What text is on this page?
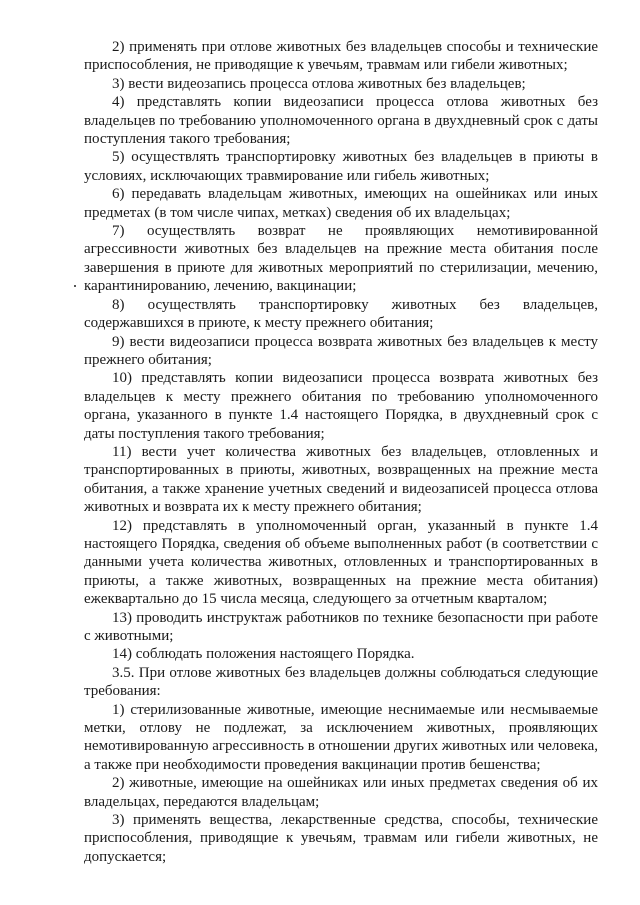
2) применять при отлове животных без владельцев способы и технические приспособления, не приводящие к увечьям, травмам или гибели животных;

3) вести видеозапись процесса отлова животных без владельцев;

4) представлять копии видеозаписи процесса отлова животных без владельцев по требованию уполномоченного органа в двухдневный срок с даты поступления такого требования;

5) осуществлять транспортировку животных без владельцев в приюты в условиях, исключающих травмирование или гибель животных;

6) передавать владельцам животных, имеющих на ошейниках или иных предметах (в том числе чипах, метках) сведения об их владельцах;

7) осуществлять возврат не проявляющих немотивированной агрессивности животных без владельцев на прежние места обитания после завершения в приюте для животных мероприятий по стерилизации, мечению, карантинированию, лечению, вакцинации;

8) осуществлять транспортировку животных без владельцев, содержавшихся в приюте, к месту прежнего обитания;

9) вести видеозаписи процесса возврата животных без владельцев к месту прежнего обитания;

10) представлять копии видеозаписи процесса возврата животных без владельцев к месту прежнего обитания по требованию уполномоченного органа, указанного в пункте 1.4 настоящего Порядка, в двухдневный срок с даты поступления такого требования;

11) вести учет количества животных без владельцев, отловленных и транспортированных в приюты, животных, возвращенных на прежние места обитания, а также хранение учетных сведений и видеозаписей процесса отлова животных и возврата их к месту прежнего обитания;

12) представлять в уполномоченный орган, указанный в пункте 1.4 настоящего Порядка, сведения об объеме выполненных работ (в соответствии с данными учета количества животных, отловленных и транспортированных в приюты, а также животных, возвращенных на прежние места обитания) ежеквартально до 15 числа месяца, следующего за отчетным кварталом;

13) проводить инструктаж работников по технике безопасности при работе с животными;

14) соблюдать положения настоящего Порядка.

3.5. При отлове животных без владельцев должны соблюдаться следующие требования:

1) стерилизованные животные, имеющие неснимаемые или несмываемые метки, отлову не подлежат, за исключением животных, проявляющих немотивированную агрессивность в отношении других животных или человека, а также при необходимости проведения вакцинации против бешенства;

2) животные, имеющие на ошейниках или иных предметах сведения об их владельцах, передаются владельцам;

3) применять вещества, лекарственные средства, способы, технические приспособления, приводящие к увечьям, травмам или гибели животных, не допускается;
